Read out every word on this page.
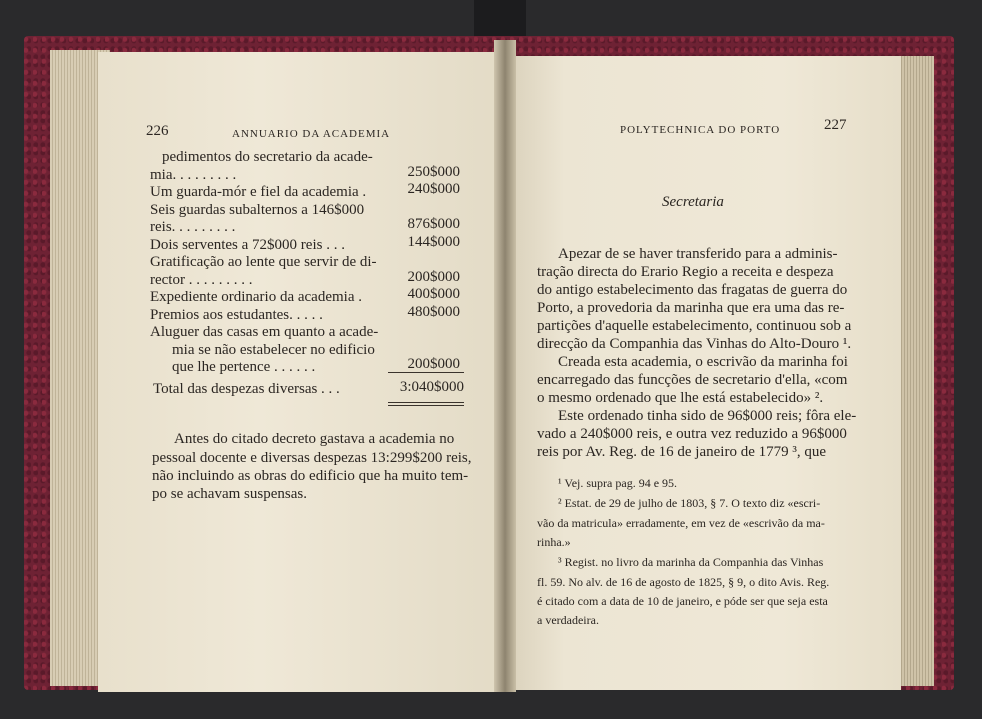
226	ANNUARIO DA ACADEMIA
pedimentos do secretario da acade-
mia. . . . . . . . .	250$000
Um guarda-mór e fiel da academia .	240$000
Seis guardas subalternos a 146$000
reis. . . . . . . . .	876$000
Dois serventes a 72$000 reis . . .	144$000
Gratificação ao lente que servir de di-
rector . . . . . . . . .	200$000
Expediente ordinario da academia .	400$000
Premios aos estudantes. . . . .	480$000
Aluguer das casas em quanto a acade-
mia se não estabelecer no edificio
que lhe pertence . . . . . .	200$000
Total das despezas diversas . . .	3:040$000
Antes do citado decreto gastava a academia no
pessoal docente e diversas despezas 13:299$200 reis,
não incluindo as obras do edificio que ha muito tem-
po se achavam suspensas.
POLYTECHNICA DO PORTO	227
Secretaria
Apezar de se haver transferido para a adminis-
tração directa do Erario Regio a receita e despeza
do antigo estabelecimento das fragatas de guerra do
Porto, a provedoria da marinha que era uma das re-
partições d'aquelle estabelecimento, continuou sob a
direcção da Companhia das Vinhas do Alto-Douro ¹.
Creada esta academia, o escrivão da marinha foi
encarregado das funcções de secretario d'ella, «com
o mesmo ordenado que lhe está estabelecido» ².
Este ordenado tinha sido de 96$000 reis; fôra ele-
vado a 240$000 reis, e outra vez reduzido a 96$000
reis por Av. Reg. de 16 de janeiro de 1779 ³, que
¹ Vej. supra pag. 94 e 95.
² Estat. de 29 de julho de 1803, § 7. O texto diz «escri-
vão da matricula» erradamente, em vez de «escrivão da ma-
rinha.»
³ Regist. no livro da marinha da Companhia das Vinhas
fl. 59. No alv. de 16 de agosto de 1825, § 9, o dito Avis. Reg.
é citado com a data de 10 de janeiro, e póde ser que seja esta
a verdadeira.
